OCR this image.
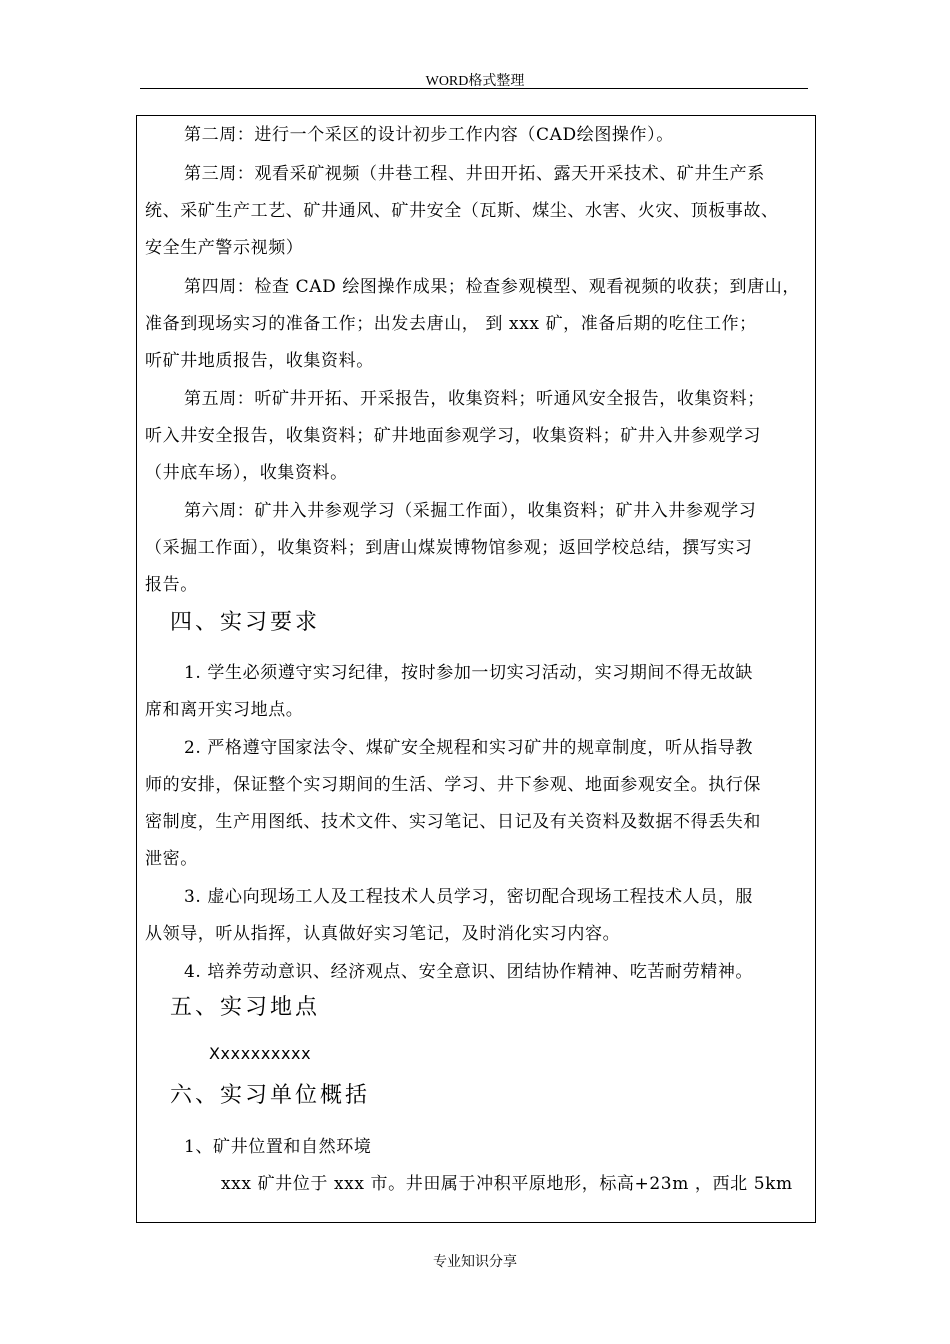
WORD格式整理
第二周：进行一个采区的设计初步工作内容（CAD绘图操作）。
第三周：观看采矿视频（井巷工程、井田开拓、露天开采技术、矿井生产系
统、采矿生产工艺、矿井通风、矿井安全（瓦斯、煤尘、水害、火灾、顶板事故、
安全生产警示视频）
第四周：检查 CAD 绘图操作成果；检查参观模型、观看视频的收获；到唐山，
准备到现场实习的准备工作；出发去唐山， 到 xxx 矿，准备后期的吃住工作；
听矿井地质报告，收集资料。
第五周：听矿井开拓、开采报告，收集资料；听通风安全报告，收集资料；
听入井安全报告，收集资料；矿井地面参观学习，收集资料；矿井入井参观学习
（井底车场），收集资料。
第六周：矿井入井参观学习（采掘工作面），收集资料；矿井入井参观学习
（采掘工作面），收集资料；到唐山煤炭博物馆参观；返回学校总结，撰写实习
报告。
四、实习要求
1. 学生必须遵守实习纪律，按时参加一切实习活动，实习期间不得无故缺
席和离开实习地点。
2. 严格遵守国家法令、煤矿安全规程和实习矿井的规章制度，听从指导教
师的安排，保证整个实习期间的生活、学习、井下参观、地面参观安全。执行保
密制度，生产用图纸、技术文件、实习笔记、日记及有关资料及数据不得丢失和
泄密。
3. 虚心向现场工人及工程技术人员学习，密切配合现场工程技术人员，服
从领导，听从指挥，认真做好实习笔记，及时消化实习内容。
4. 培养劳动意识、经济观点、安全意识、团结协作精神、吃苦耐劳精神。
五、实习地点
Xxxxxxxxxx
六、实习单位概括
1、矿井位置和自然环境
xxx 矿井位于 xxx 市。井田属于冲积平原地形，标高+23m ，西北 5km
专业知识分享
